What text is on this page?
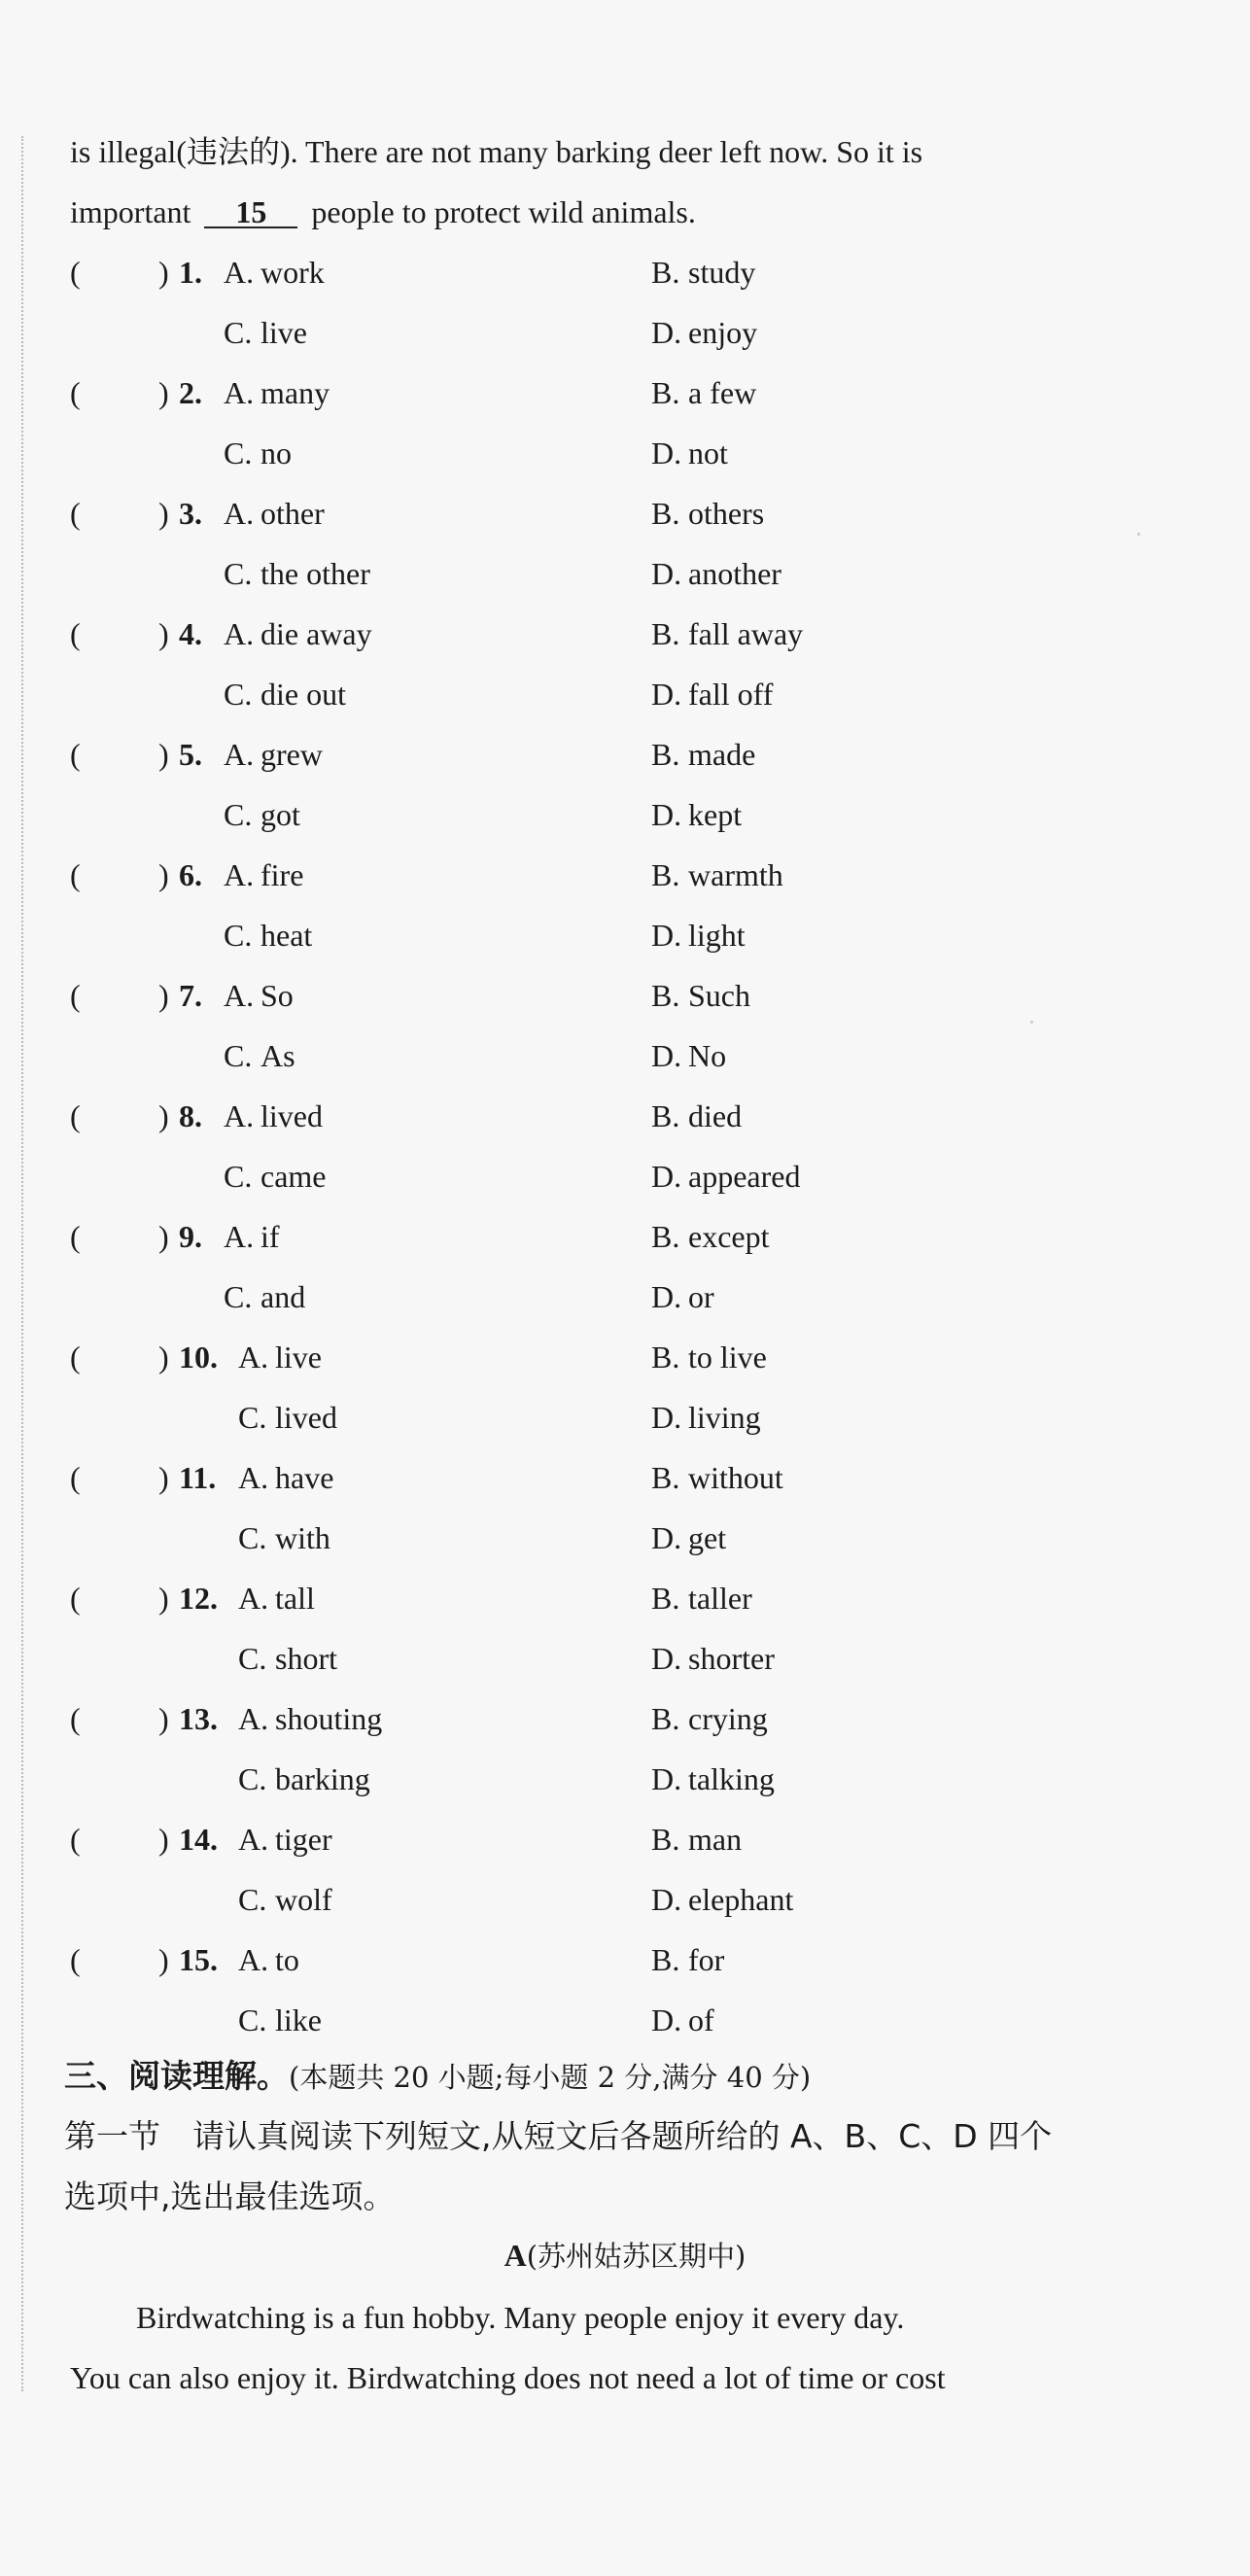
is illegal(违法的). There are not many barking deer left now. So it is
important 15 people to protect wild animals.
(	) 1. A. work	B. study
C. live	D. enjoy
(	) 2. A. many	B. a few
C. no	D. not
(	) 3. A. other	B. others
C. the other	D. another
(	) 4. A. die away	B. fall away
C. die out	D. fall off
(	) 5. A. grew	B. made
C. got	D. kept
(	) 6. A. fire	B. warmth
C. heat	D. light
(	) 7. A. So	B. Such
C. As	D. No
(	) 8. A. lived	B. died
C. came	D. appeared
(	) 9. A. if	B. except
C. and	D. or
(	) 10. A. live	B. to live
C. lived	D. living
(	) 11. A. have	B. without
C. with	D. get
(	) 12. A. tall	B. taller
C. short	D. shorter
(	) 13. A. shouting	B. crying
C. barking	D. talking
(	) 14. A. tiger	B. man
C. wolf	D. elephant
(	) 15. A. to	B. for
C. like	D. of
三、阅读理解。(本题共 20 小题;每小题 2 分,满分 40 分)
第一节　请认真阅读下列短文,从短文后各题所给的 A、B、C、D 四个
选项中,选出最佳选项。
A(苏州姑苏区期中)
Birdwatching is a fun hobby. Many people enjoy it every day.
You can also enjoy it. Birdwatching does not need a lot of time or cost
